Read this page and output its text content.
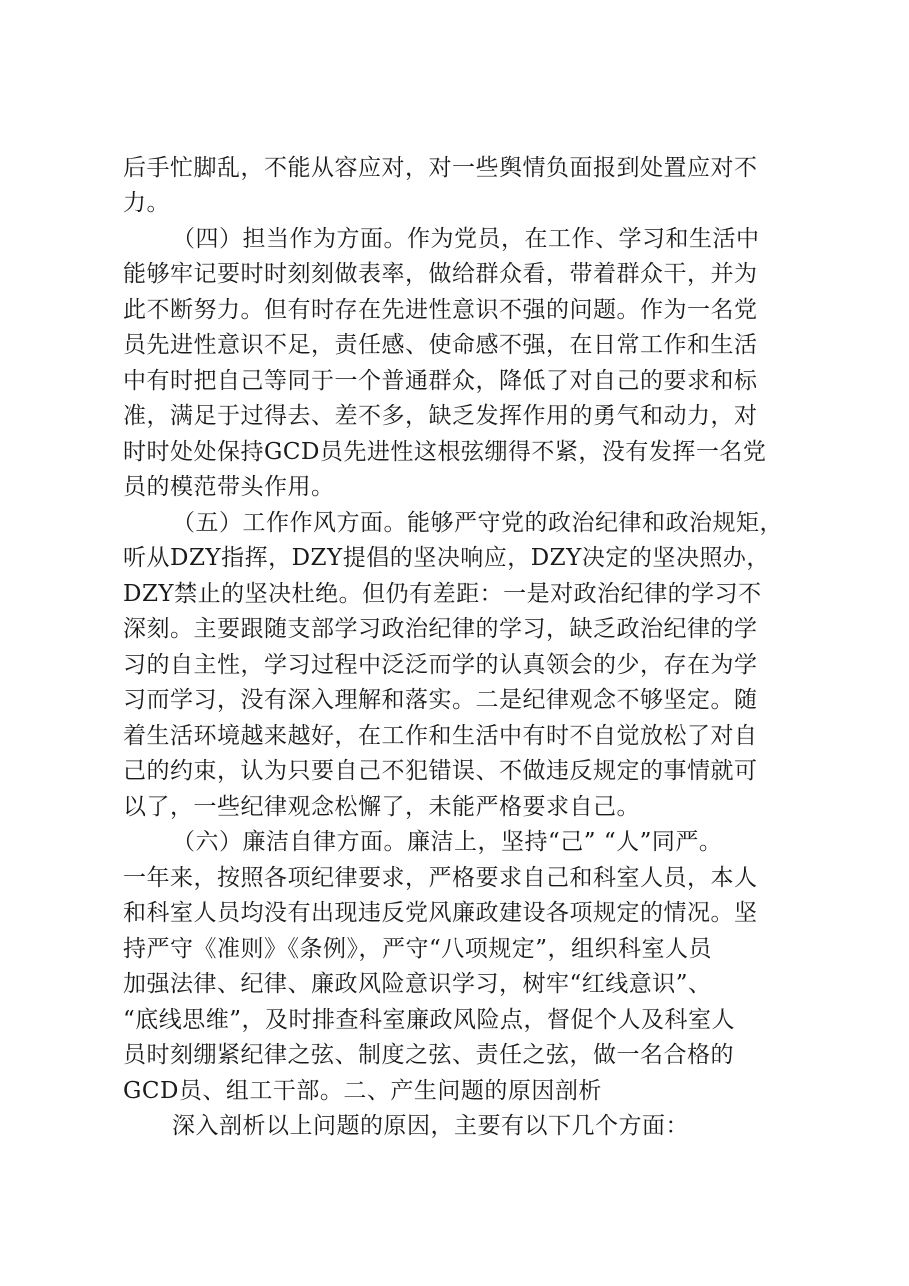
后手忙脚乱，不能从容应对，对一些舆情负面报到处置应对不
力。
（四）担当作为方面。作为党员，在工作、学习和生活中
能够牢记要时时刻刻做表率，做给群众看，带着群众干，并为
此不断努力。但有时存在先进性意识不强的问题。作为一名党
员先进性意识不足，责任感、使命感不强，在日常工作和生活
中有时把自己等同于一个普通群众，降低了对自己的要求和标
准，满足于过得去、差不多，缺乏发挥作用的勇气和动力，对
时时处处保持GCD员先进性这根弦绷得不紧，没有发挥一名党
员的模范带头作用。
（五）工作作风方面。能够严守党的政治纪律和政治规矩，
听从DZY指挥，DZY提倡的坚决响应，DZY决定的坚决照办，
DZY禁止的坚决杜绝。但仍有差距：一是对政治纪律的学习不
深刻。主要跟随支部学习政治纪律的学习，缺乏政治纪律的学
习的自主性，学习过程中泛泛而学的认真领会的少，存在为学
习而学习，没有深入理解和落实。二是纪律观念不够坚定。随
着生活环境越来越好，在工作和生活中有时不自觉放松了对自
己的约束，认为只要自己不犯错误、不做违反规定的事情就可
以了，一些纪律观念松懈了，未能严格要求自己。
（六）廉洁自律方面。廉洁上，坚持“己” “人”同严。
一年来，按照各项纪律要求，严格要求自己和科室人员，本人
和科室人员均没有出现违反党风廉政建设各项规定的情况。坚
持严守《准则》《条例》，严守“八项规定”，组织科室人员
加强法律、纪律、廉政风险意识学习，树牢“红线意识”、
“底线思维”，及时排查科室廉政风险点，督促个人及科室人
员时刻绷紧纪律之弦、制度之弦、责任之弦，做一名合格的
GCD员、组工干部。二、产生问题的原因剖析
深入剖析以上问题的原因，主要有以下几个方面：
